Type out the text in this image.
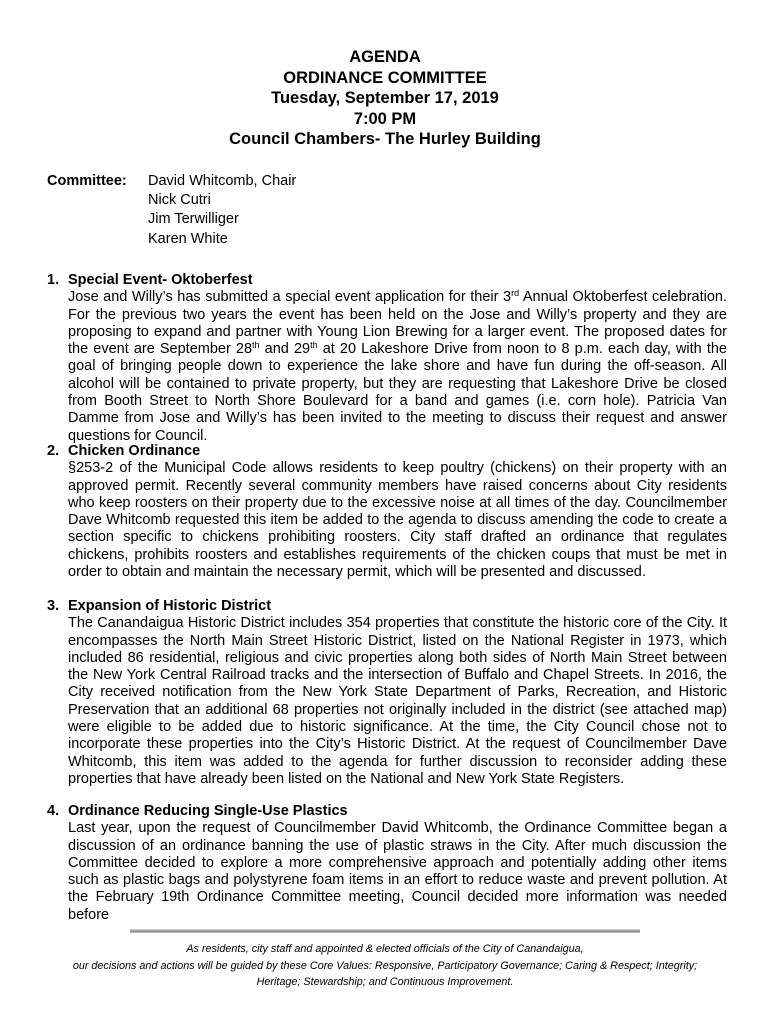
AGENDA
ORDINANCE COMMITTEE
Tuesday, September 17, 2019
7:00 PM
Council Chambers- The Hurley Building
Committee:	David Whitcomb, Chair
Nick Cutri
Jim Terwilliger
Karen White
1. Special Event- Oktoberfest
Jose and Willy’s has submitted a special event application for their 3rd Annual Oktoberfest celebration. For the previous two years the event has been held on the Jose and Willy’s property and they are proposing to expand and partner with Young Lion Brewing for a larger event. The proposed dates for the event are September 28th and 29th at 20 Lakeshore Drive from noon to 8 p.m. each day, with the goal of bringing people down to experience the lake shore and have fun during the off-season. All alcohol will be contained to private property, but they are requesting that Lakeshore Drive be closed from Booth Street to North Shore Boulevard for a band and games (i.e. corn hole). Patricia Van Damme from Jose and Willy’s has been invited to the meeting to discuss their request and answer questions for Council.
2. Chicken Ordinance
§253-2 of the Municipal Code allows residents to keep poultry (chickens) on their property with an approved permit. Recently several community members have raised concerns about City residents who keep roosters on their property due to the excessive noise at all times of the day. Councilmember Dave Whitcomb requested this item be added to the agenda to discuss amending the code to create a section specific to chickens prohibiting roosters. City staff drafted an ordinance that regulates chickens, prohibits roosters and establishes requirements of the chicken coups that must be met in order to obtain and maintain the necessary permit, which will be presented and discussed.
3. Expansion of Historic District
The Canandaigua Historic District includes 354 properties that constitute the historic core of the City. It encompasses the North Main Street Historic District, listed on the National Register in 1973, which included 86 residential, religious and civic properties along both sides of North Main Street between the New York Central Railroad tracks and the intersection of Buffalo and Chapel Streets. In 2016, the City received notification from the New York State Department of Parks, Recreation, and Historic Preservation that an additional 68 properties not originally included in the district (see attached map) were eligible to be added due to historic significance. At the time, the City Council chose not to incorporate these properties into the City’s Historic District. At the request of Councilmember Dave Whitcomb, this item was added to the agenda for further discussion to reconsider adding these properties that have already been listed on the National and New York State Registers.
4. Ordinance Reducing Single-Use Plastics
Last year, upon the request of Councilmember David Whitcomb, the Ordinance Committee began a discussion of an ordinance banning the use of plastic straws in the City. After much discussion the Committee decided to explore a more comprehensive approach and potentially adding other items such as plastic bags and polystyrene foam items in an effort to reduce waste and prevent pollution. At the February 19th Ordinance Committee meeting, Council decided more information was needed before
As residents, city staff and appointed & elected officials of the City of Canandaigua,
our decisions and actions will be guided by these Core Values: Responsive, Participatory Governance; Caring & Respect; Integrity;
Heritage; Stewardship; and Continuous Improvement.
